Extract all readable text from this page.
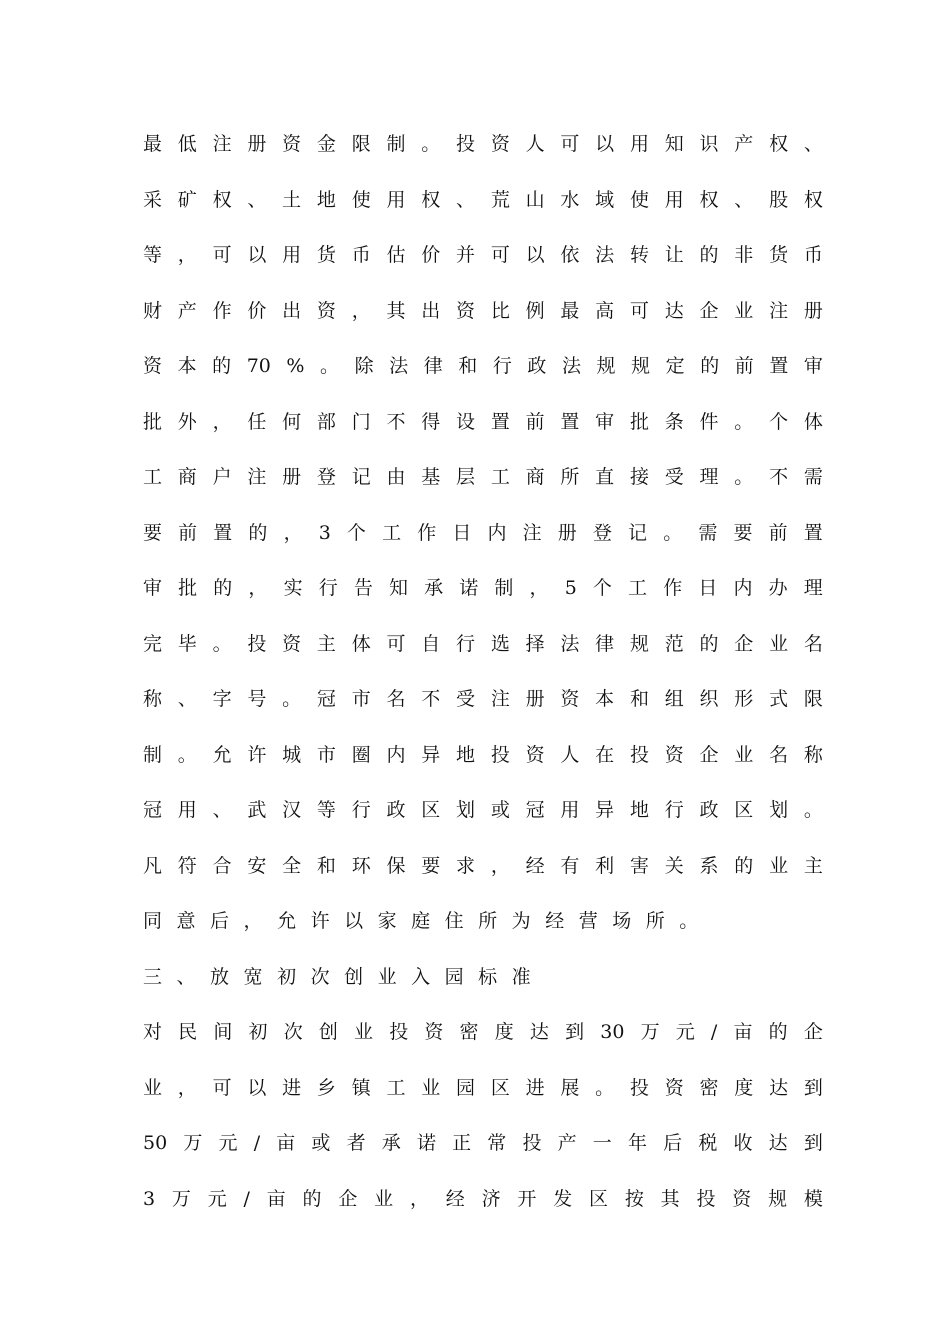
最 低 注 册 资 金 限 制 。 投 资 人 可 以 用 知 识 产 权 、
采 矿 权 、 土 地 使 用 权 、 荒 山 水 域 使 用 权 、 股 权
等 ， 可 以 用 货 币 估 价 并 可 以 依 法 转 让 的 非 货 币
财 产 作 价 出 资 ， 其 出 资 比 例 最 高 可 达 企 业 注 册
资 本 的 70 % 。 除 法 律 和 行 政 法 规 规 定 的 前 置 审
批 外 ， 任 何 部 门 不 得 设 置 前 置 审 批 条 件 。 个 体
工 商 户 注 册 登 记 由 基 层 工 商 所 直 接 受 理 。 不 需
要 前 置 的 ， 3 个 工 作 日 内 注 册 登 记 。 需 要 前 置
审 批 的 ， 实 行 告 知 承 诺 制 ， 5 个 工 作 日 内 办 理
完 毕 。 投 资 主 体 可 自 行 选 择 法 律 规 范 的 企 业 名
称 、 字 号 。 冠 市 名 不 受 注 册 资 本 和 组 织 形 式 限
制 。 允 许 城 市 圈 内 异 地 投 资 人 在 投 资 企 业 名 称
冠 用 、 武 汉 等 行 政 区 划 或 冠 用 异 地 行 政 区 划 。
凡 符 合 安 全 和 环 保 要 求 ， 经 有 利 害 关 系 的 业 主
同 意 后 ， 允 许 以 家 庭 住 所 为 经 营 场 所 。
三 、 放 宽 初 次 创 业 入 园 标 准
对 民 间 初 次 创 业 投 资 密 度 达 到 30 万 元 / 亩 的 企
业 ， 可 以 进 乡 镇 工 业 园 区 进 展 。 投 资 密 度 达 到
50 万 元 / 亩 或 者 承 诺 正 常 投 产 一 年 后 税 收 达 到
3 万 元 / 亩 的 企 业 ， 经 济 开 发 区 按 其 投 资 规 模
